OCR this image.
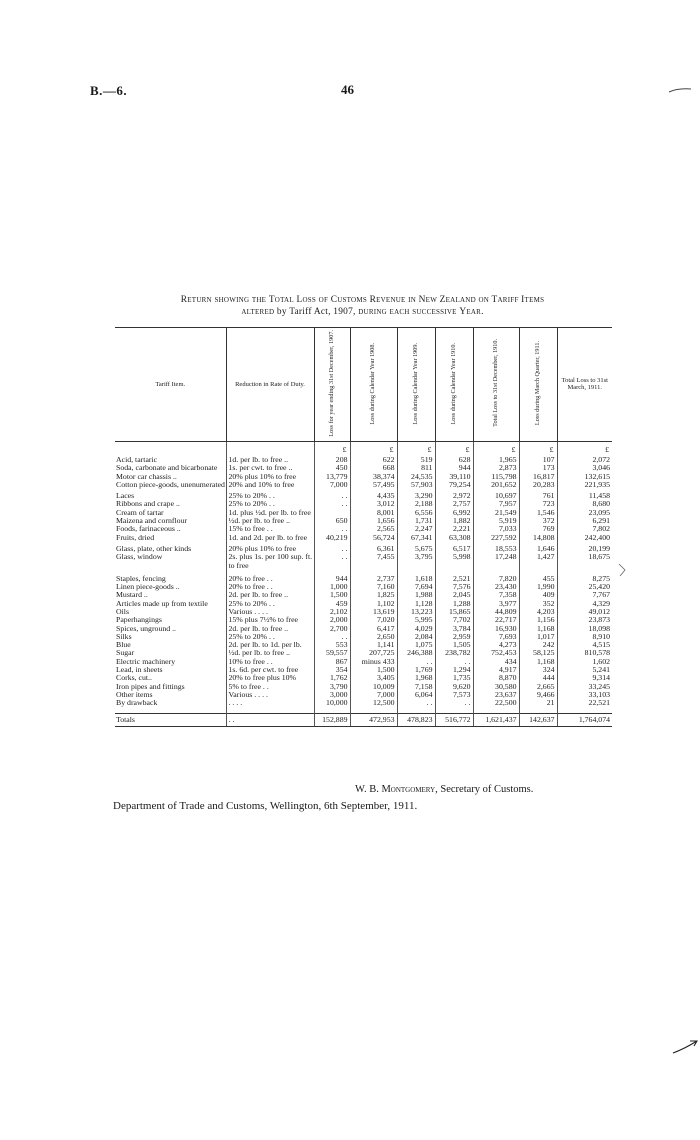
B.—6.	46
Return showing the Total Loss of Customs Revenue in New Zealand on Tariff Items
altered by Tariff Act, 1907, during each successive Year.
Tariff Item.	Reduction in Rate of Duty.	Loss for year ending 31st December, 1907.	Loss during Calendar Year 1908.	Loss during Calendar Year 1909.	Loss during Calendar Year 1910.	Total Loss to 31st December, 1910.	Loss during March Quarter, 1911.	Total Loss to 31st March, 1911.
		£	£	£	£	£	£	£
Acid, tartaric	1d. per lb. to free ..	208	622	519	628	1,965	107	2,072
Soda, carbonate and bicarbonate	1s. per cwt. to free ..	450	668	811	944	2,873	173	3,046
Motor car chassis ..	20% plus 10% to free	13,779	38,374	24,535	39,110	115,798	16,817	132,615
Cotton piece-goods, unenumerated	20% and 10% to free	7,000	57,495	57,903	79,254	201,652	20,283	221,935

Laces	25% to 20% . .	. .	4,435	3,290	2,972	10,697	761	11,458
Ribbons and crape ..	25% to 20% . .	. .	3,012	2,188	2,757	7,957	723	8,680
Cream of tartar	1d. plus ½d. per lb. to free		8,001	6,556	6,992	21,549	1,546	23,095
Maizena and cornflour	½d. per lb. to free ..	650	1,656	1,731	1,882	5,919	372	6,291
Foods, farinaceous ..	15% to free . .	. .	2,565	2,247	2,221	7,033	769	7,802
Fruits, dried	1d. and 2d. per lb. to free	40,219	56,724	67,341	63,308	227,592	14,808	242,400

Glass, plate, other kinds	20% plus 10% to free	. .	6,361	5,675	6,517	18,553	1,646	20,199
Glass, window	2s. plus 1s. per 100 sup. ft. to free	. .	7,455	3,795	5,998	17,248	1,427	18,675

Staples, fencing	20% to free . .	944	2,737	1,618	2,521	7,820	455	8,275
Linen piece-goods ..	20% to free . .	1,000	7,160	7,694	7,576	23,430	1,990	25,420
Mustard ..	2d. per lb. to free ..	1,500	1,825	1,988	2,045	7,358	409	7,767
Articles made up from textile	25% to 20% . .	459	1,102	1,128	1,288	3,977	352	4,329
Oils	Various . . . .	2,102	13,619	13,223	15,865	44,809	4,203	49,012
Paperhangings	15% plus 7½% to free	2,000	7,020	5,995	7,702	22,717	1,156	23,873
Spices, unground ..	2d. per lb. to free ..	2,700	6,417	4,029	3,784	16,930	1,168	18,098
Silks	25% to 20% . .	. .	2,650	2,084	2,959	7,693	1,017	8,910
Blue	2d. per lb. to 1d. per lb.	553	1,141	1,075	1,505	4,273	242	4,515
Sugar	½d. per lb. to free ..	59,557	207,725	246,388	238,782	752,453	58,125	810,578
Electric machinery	10% to free . .	867	minus 433	. .	. .	434	1,168	1,602
Lead, in sheets	1s. 6d. per cwt. to free	354	1,500	1,769	1,294	4,917	324	5,241
Corks, cut..	20% to free plus 10%	1,762	3,405	1,968	1,735	8,870	444	9,314
Iron pipes and fittings	5% to free . .	3,790	10,009	7,158	9,620	30,580	2,665	33,245
Other items	Various . . . .	3,000	7,000	6,064	7,573	23,637	9,466	33,103
By drawback	. . . .	10,000	12,500	. .	. .	22,500	21	22,521

Totals	. .	152,889	472,953	478,823	516,772	1,621,437	142,637	1,764,074
W. B. Montgomery, Secretary of Customs.
Department of Trade and Customs, Wellington, 6th September, 1911.
